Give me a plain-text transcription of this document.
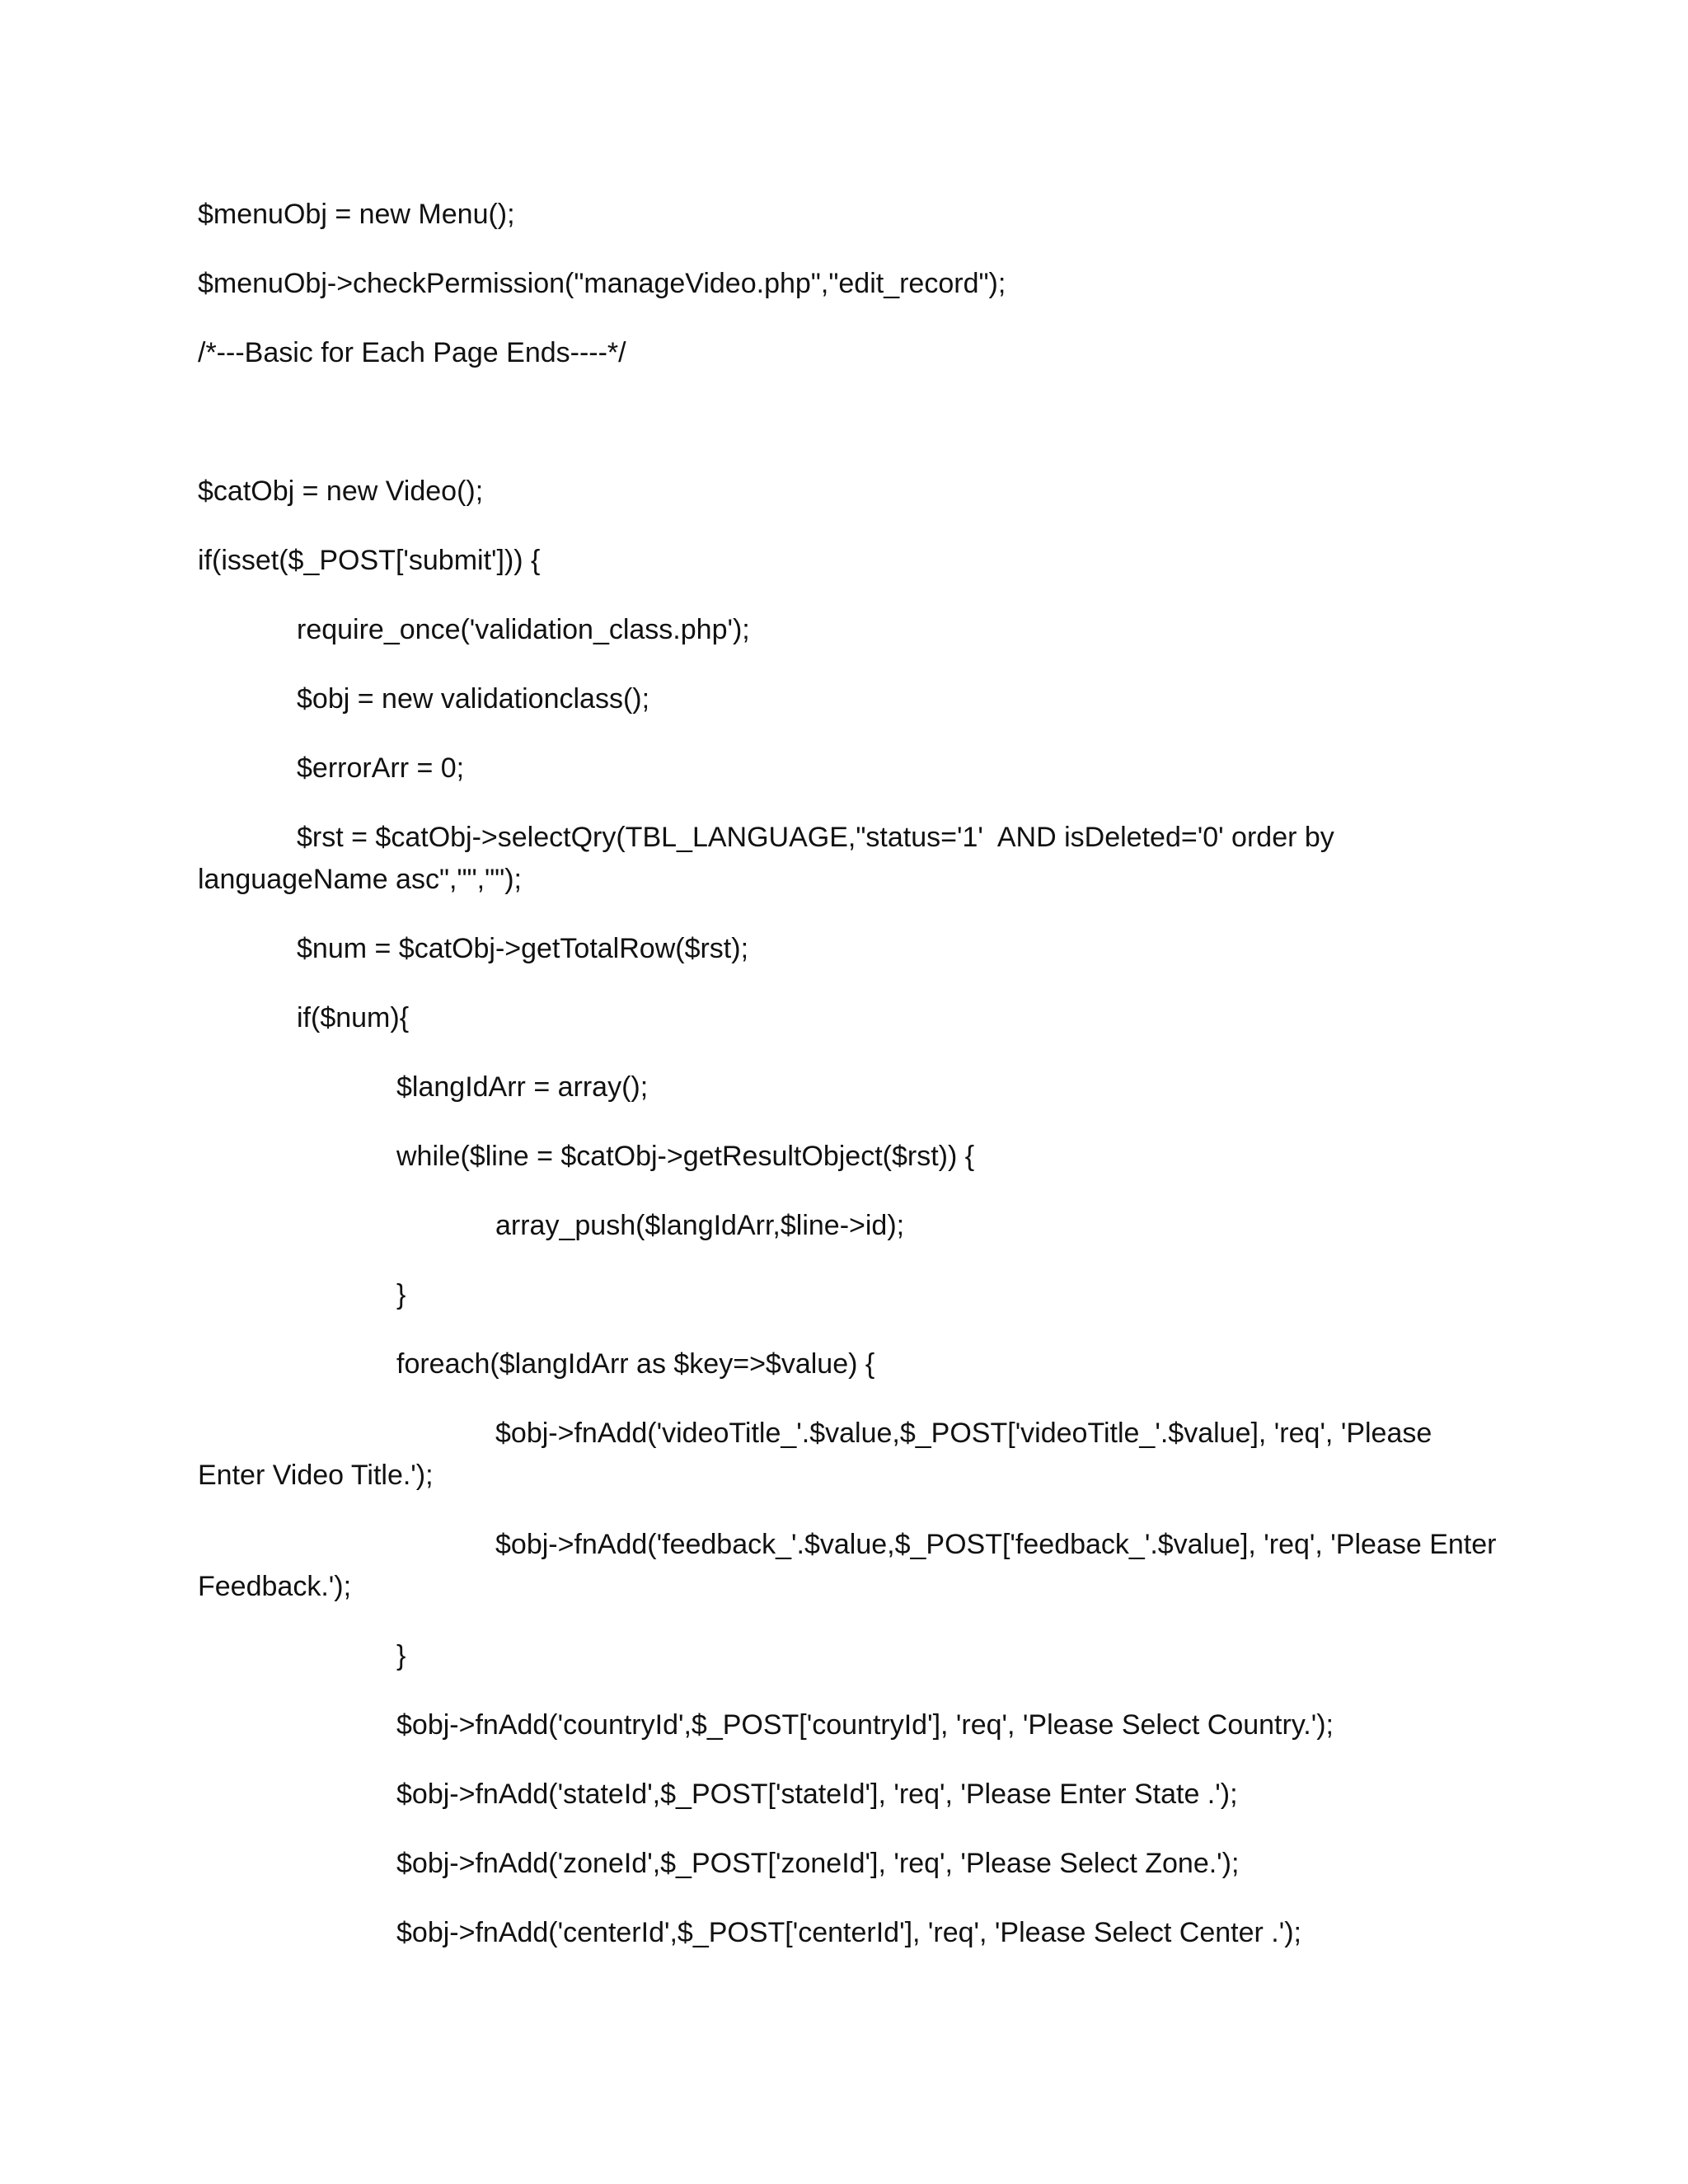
$menuObj = new Menu();
$menuObj->checkPermission("manageVideo.php","edit_record");
/*---Basic for Each Page Ends----*/
$catObj = new Video();
if(isset($_POST['submit'])) {
require_once('validation_class.php');
$obj = new validationclass();
$errorArr = 0;
$rst = $catObj->selectQry(TBL_LANGUAGE,"status='1'  AND isDeleted='0' order by
languageName asc","","");
$num = $catObj->getTotalRow($rst);
if($num){
$langIdArr = array();
while($line = $catObj->getResultObject($rst)) {
array_push($langIdArr,$line->id);
}
foreach($langIdArr as $key=>$value) {
$obj->fnAdd('videoTitle_'.$value,$_POST['videoTitle_'.$value], 'req', 'Please
Enter Video Title.');
$obj->fnAdd('feedback_'.$value,$_POST['feedback_'.$value], 'req', 'Please Enter
Feedback.');
}
$obj->fnAdd('countryId',$_POST['countryId'], 'req', 'Please Select Country.');
$obj->fnAdd('stateId',$_POST['stateId'], 'req', 'Please Enter State .');
$obj->fnAdd('zoneId',$_POST['zoneId'], 'req', 'Please Select Zone.');
$obj->fnAdd('centerId',$_POST['centerId'], 'req', 'Please Select Center .');
